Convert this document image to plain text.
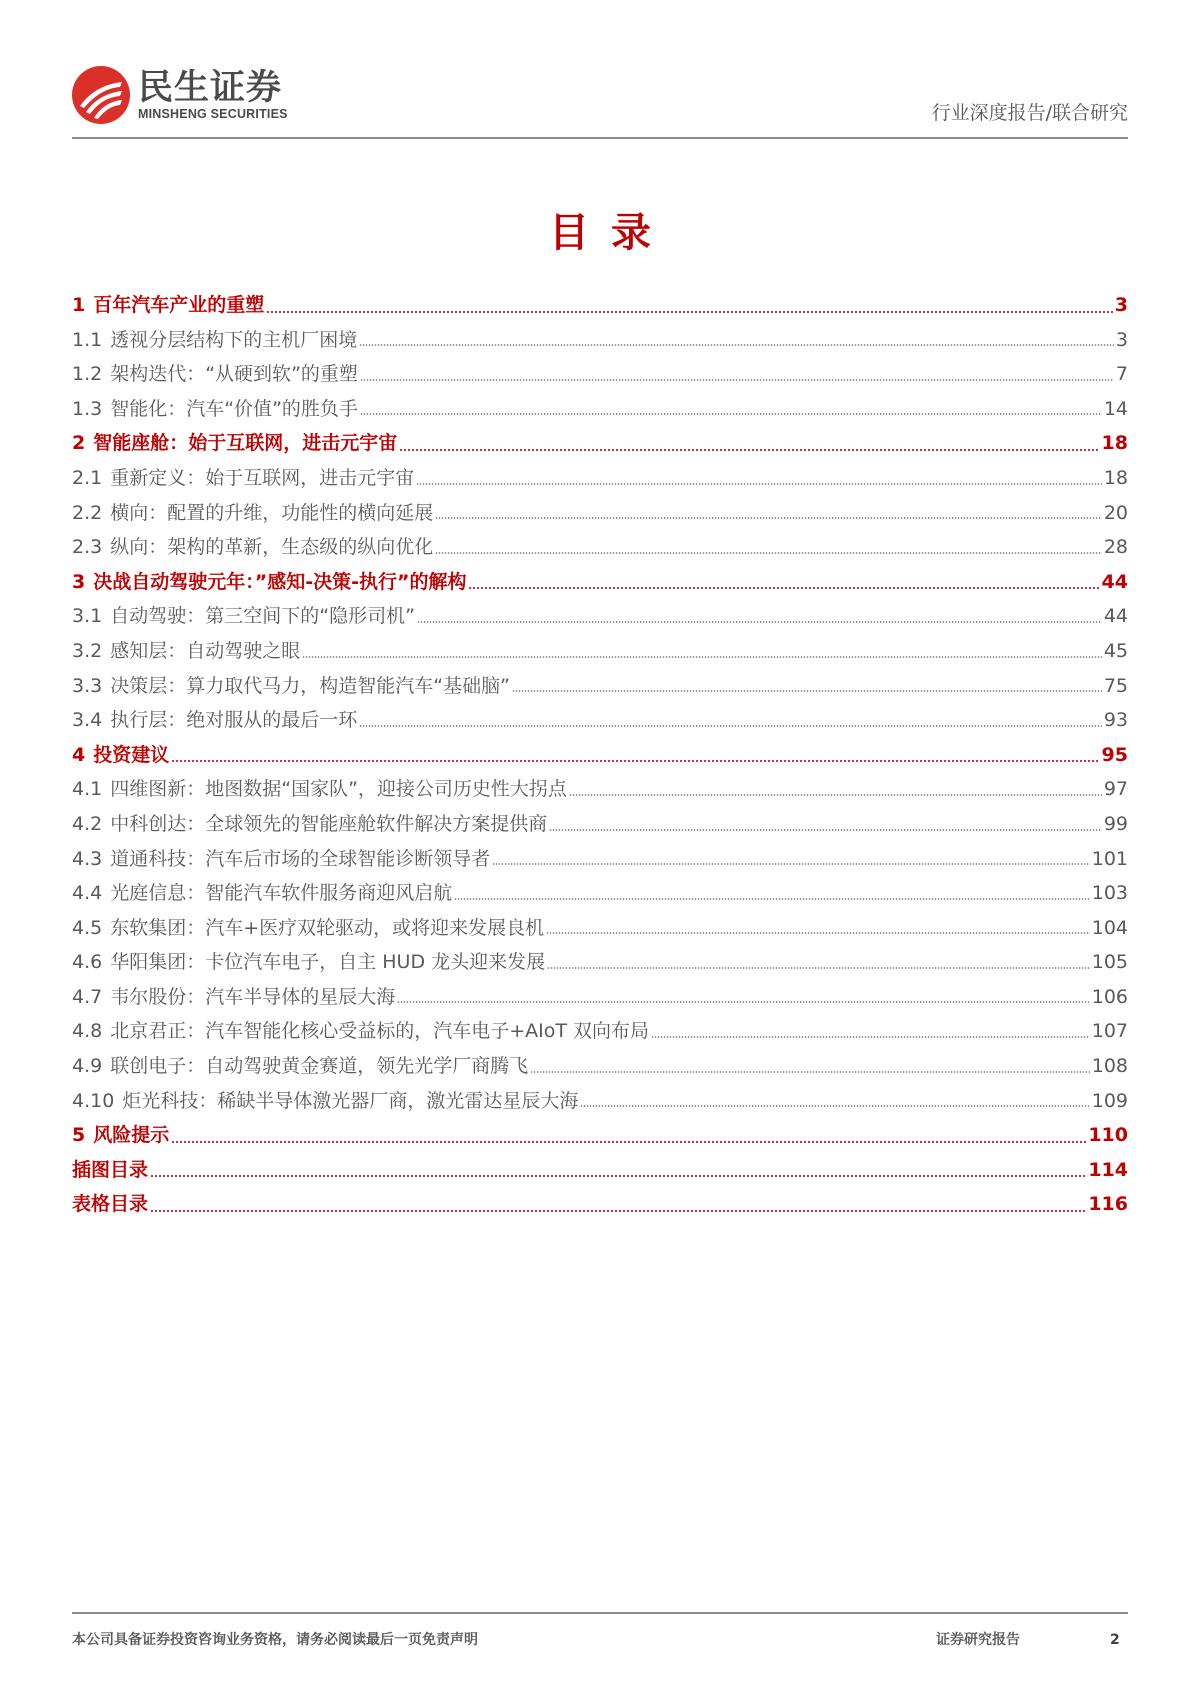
民生证券
MINSHENG SECURITIES	行业深度报告/联合研究
目录
1 百年汽车产业的重塑	3
1.1 透视分层结构下的主机厂困境	3
1.2 架构迭代：“从硬到软”的重塑	7
1.3 智能化：汽车“价值”的胜负手	14
2 智能座舱：始于互联网，进击元宇宙	18
2.1 重新定义：始于互联网，进击元宇宙	18
2.2 横向：配置的升维，功能性的横向延展	20
2.3 纵向：架构的革新，生态级的纵向优化	28
3 决战自动驾驶元年：”感知-决策-执行”的解构	44
3.1 自动驾驶：第三空间下的“隐形司机”	44
3.2 感知层：自动驾驶之眼	45
3.3 决策层：算力取代马力，构造智能汽车“基础脑”	75
3.4 执行层：绝对服从的最后一环	93
4 投资建议	95
4.1 四维图新：地图数据“国家队”，迎接公司历史性大拐点	97
4.2 中科创达：全球领先的智能座舱软件解决方案提供商	99
4.3 道通科技：汽车后市场的全球智能诊断领导者	101
4.4 光庭信息：智能汽车软件服务商迎风启航	103
4.5 东软集团：汽车+医疗双轮驱动，或将迎来发展良机	104
4.6 华阳集团：卡位汽车电子，自主 HUD 龙头迎来发展	105
4.7 韦尔股份：汽车半导体的星辰大海	106
4.8 北京君正：汽车智能化核心受益标的，汽车电子+AIoT 双向布局	107
4.9 联创电子：自动驾驶黄金赛道，领先光学厂商腾飞	108
4.10 炬光科技：稀缺半导体激光器厂商，激光雷达星辰大海	109
5 风险提示	110
插图目录	114
表格目录	116
本公司具备证券投资咨询业务资格，请务必阅读最后一页免责声明	证券研究报告	2
